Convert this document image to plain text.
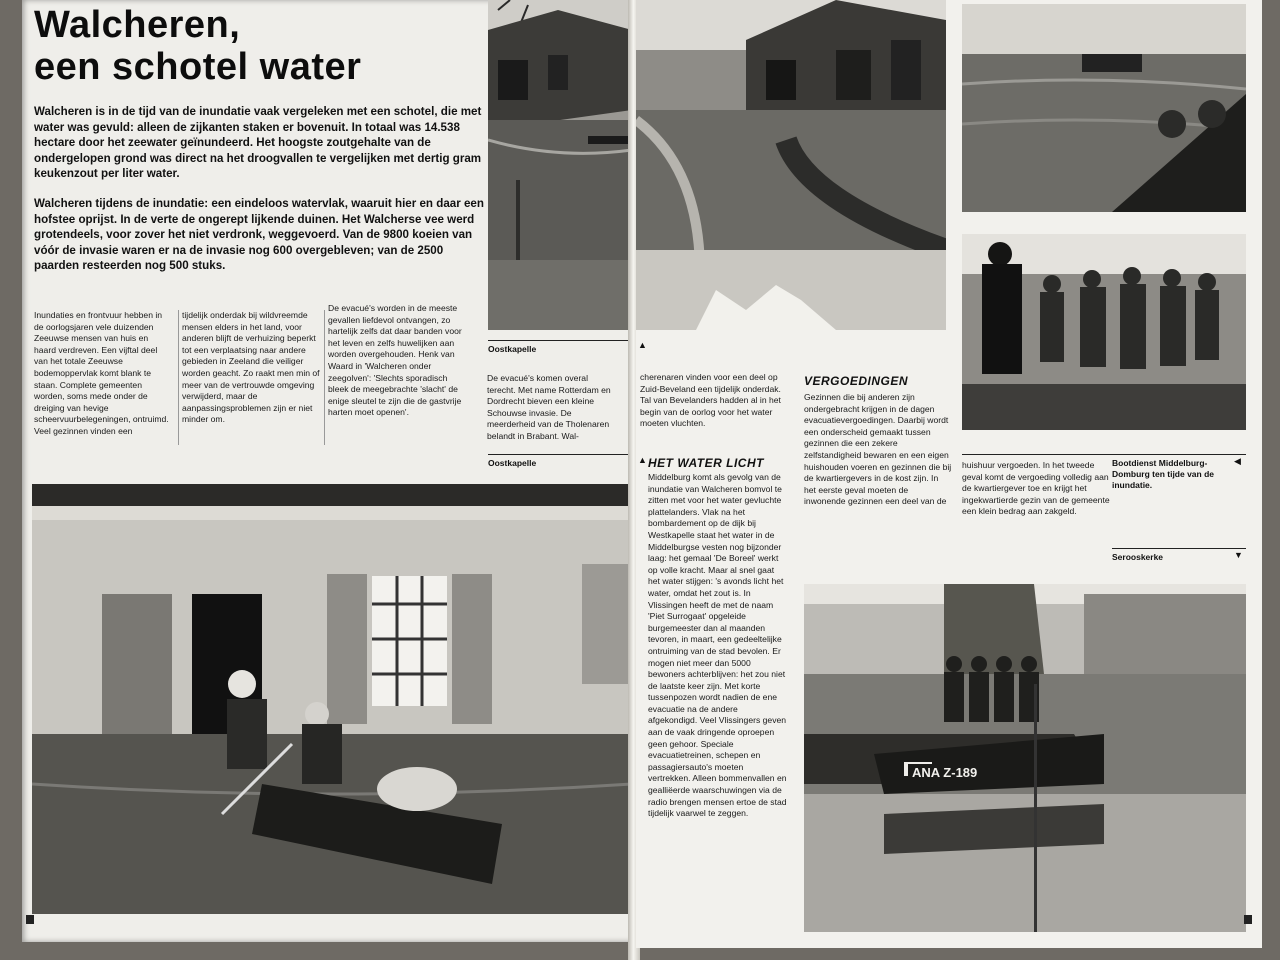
Walcheren,
een schotel water

Walcheren is in de tijd van de inundatie vaak vergeleken met een schotel, die met water was gevuld: alleen de zijkanten staken er bovenuit. In totaal was 14.538 hectare door het zeewater geïnundeerd. Het hoogste zoutgehalte van de ondergelopen grond was direct na het droogvallen te vergelijken met dertig gram keukenzout per liter water.

Walcheren tijdens de inundatie: een eindeloos watervlak, waaruit hier en daar een hofstee oprijst. In de verte de ongerept lijkende duinen. Het Walcherse vee werd grotendeels, voor zover het niet verdronk, weggevoerd. Van de 9800 koeien van vóór de invasie waren er na de invasie nog 600 overgebleven; van de 2500 paarden resteerden nog 500 stuks.

Inundaties en frontvuur hebben in de oorlogsjaren vele duizenden Zeeuwse mensen van huis en haard verdreven. Een vijftal deel van het totale Zeeuwse bodemoppervlak komt blank te staan. Complete gemeenten worden, soms mede onder de dreiging van hevige scheervuurbelegeningen, ontruimd. Veel gezinnen vinden een

tijdelijk onderdak bij wildvreemde mensen elders in het land, voor anderen blijft de verhuizing beperkt tot een verplaatsing naar andere gebieden in Zeeland die veiliger worden geacht. Zo raakt men min of meer van de vertrouwde omgeving verwijderd, maar de aanpassingsproblemen zijn er niet minder om.

De evacué's worden in de meeste gevallen liefdevol ontvangen, zo hartelijk zelfs dat daar banden voor het leven en zelfs huwelijken aan worden overgehouden. Henk van Waard in 'Walcheren onder zeegolven': 'Slechts sporadisch bleek de meegebrachte 'slacht' de enige sleutel te zijn die de gastvrije harten moet openen'.

De evacué's komen overal terecht. Met name Rotterdam en Dordrecht bieven een kleine Schouwse invasie. De meerderheid van de Tholenaren belandt in Brabant. Wal-

Oostkapelle
Oostkapelle
▲
▲

cherenaren vinden voor een deel op Zuid-Beveland een tijdelijk onderdak. Tal van Bevelanders hadden al in het begin van de oorlog voor het water moeten vluchten.

HET WATER LICHT

Middelburg komt als gevolg van de inundatie van Walcheren bomvol te zitten met voor het water gevluchte plattelanders. Vlak na het bombardement op de dijk bij Westkapelle staat het water in de Middelburgse vesten nog bijzonder laag: het gemaal 'De Boreel' werkt op volle kracht. Maar al snel gaat het water stijgen: 's avonds licht het water, omdat het zout is. In Vlissingen heeft de met de naam 'Piet Surrogaat' opgeleide burgemeester dan al maanden tevoren, in maart, een gedeeltelijke ontruiming van de stad bevolen. Er mogen niet meer dan 5000 bewoners achterblijven: het zou niet de laatste keer zijn. Met korte tussenpozen wordt nadien de ene evacuatie na de andere afgekondigd. Veel Vlissingers geven aan de vaak dringende oproepen geen gehoor. Speciale evacuatietreinen, schepen en passagiersauto's moeten vertrekken. Alleen bommenvallen en gealliëerde waarschuwingen via de radio brengen mensen ertoe de stad tijdelijk vaarwel te zeggen.

VERGOEDINGEN

Gezinnen die bij anderen zijn ondergebracht krijgen in de dagen evacuatievergoedingen. Daarbij wordt een onderscheid gemaakt tussen gezinnen die een zekere zelfstandigheid bewaren en een eigen huishouden voeren en gezinnen die bij de kwartiergevers in de kost zijn. In het eerste geval moeten de inwonende gezinnen een deel van de

huishuur vergoeden. In het tweede geval komt de vergoeding volledig aan de kwartiergever toe en krijgt het ingekwartierde gezin van de gemeente een klein bedrag aan zakgeld.

Bootdienst Middelburg-Domburg ten tijde van de inundatie.
◀
Serooskerke	▼
ANA Z-189
